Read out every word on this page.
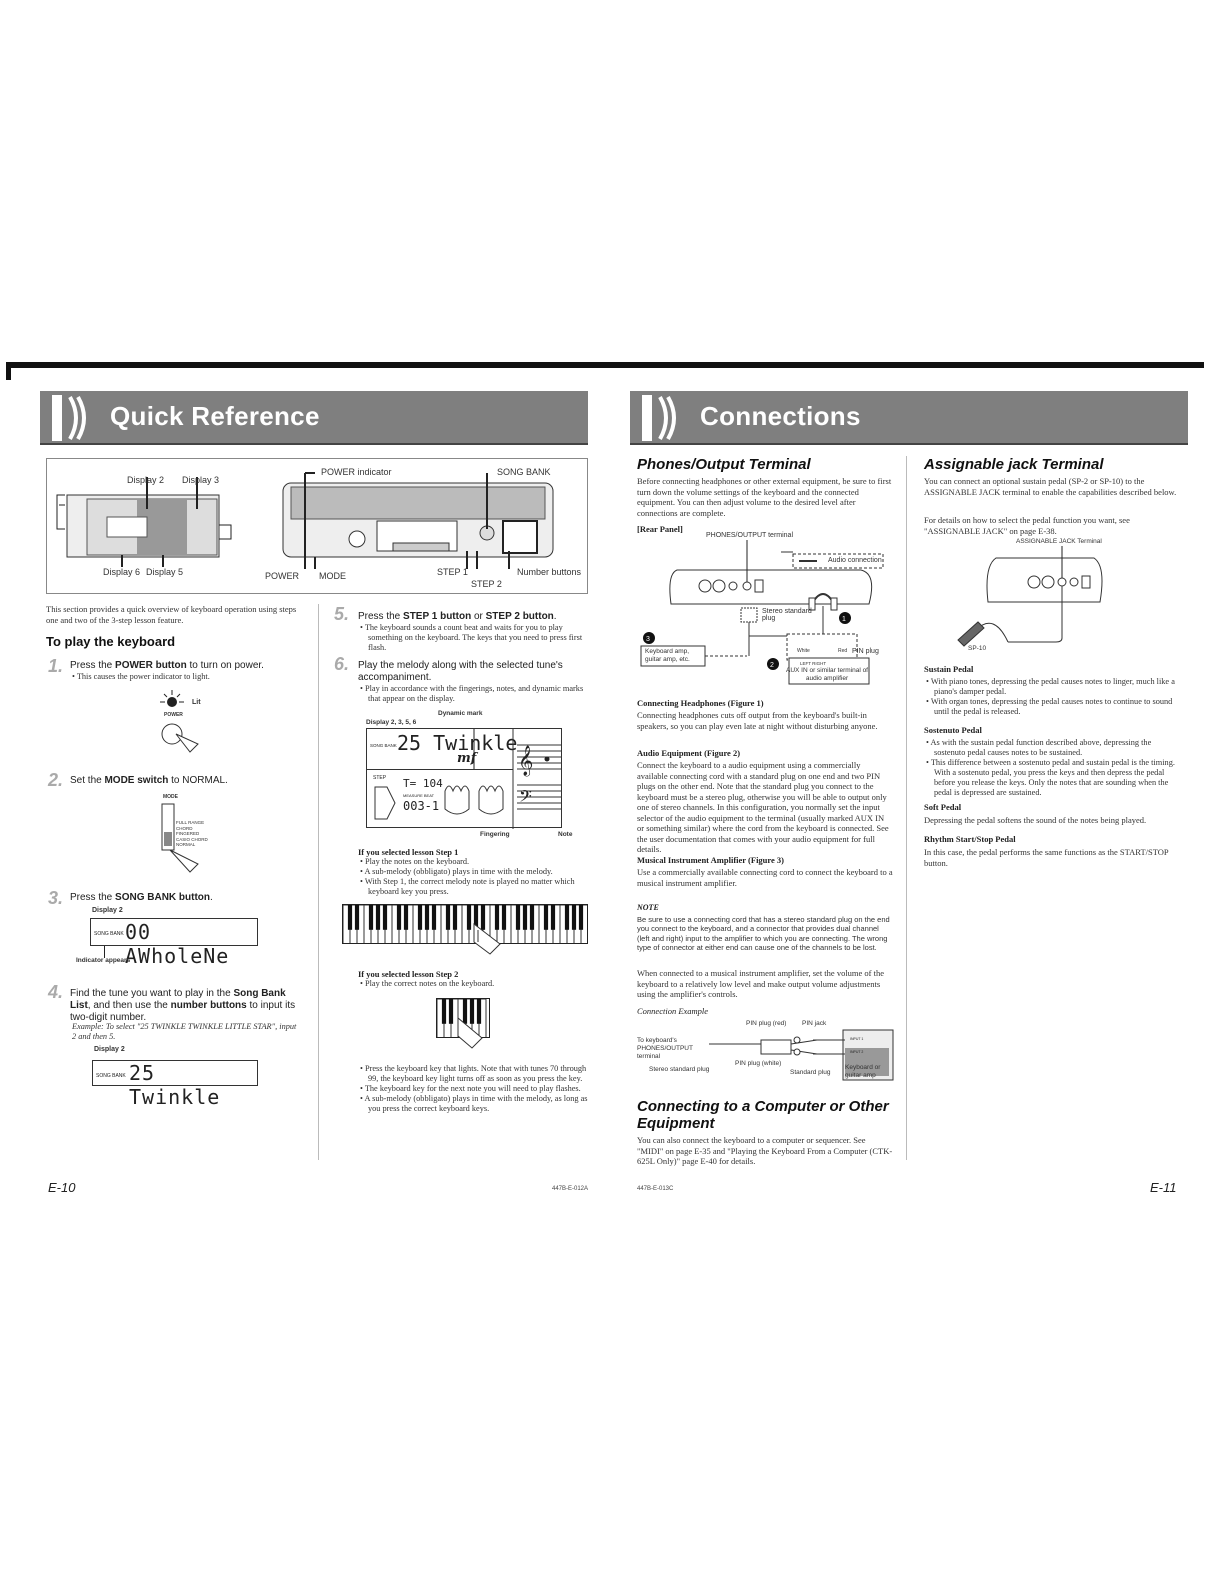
Quick Reference
Display 2 Display 3
Display 6 Display 5
POWER indicator	SONG BANK
POWER MODE	STEP 1
STEP 2
Number buttons
This section provides a quick overview of keyboard operation using steps one and two of the 3-step lesson feature.
To play the keyboard
1. Press the POWER button to turn on power.
• This causes the power indicator to light.
Lit
POWER
2. Set the MODE switch to NORMAL.
MODE
FULL RANGE
CHORD
FINGERED
CASIO CHORD
NORMAL
3. Press the SONG BANK button.
Display 2
SONG BANK 00 AWholeNe
Indicator appears
4. Find the tune you want to play in the Song Bank List, and then use the number buttons to input its two-digit number.
Example: To select "25 TWINKLE TWINKLE LITTLE STAR", input 2 and then 5.
Display 2
SONG BANK 25 Twinkle
5. Press the STEP 1 button or STEP 2 button.
• The keyboard sounds a count beat and waits for you to play something on the keyboard. The keys that you need to press first flash.
6. Play the melody along with the selected tune's accompaniment.
• Play in accordance with the fingerings, notes, and dynamic marks that appear on the display.
Dynamic mark
Display 2, 3, 5, 6
SONG BANK 25 Twinkle
mf
STEP T= 104
MEASURE BEAT
003-1
𝄞
𝄢
Fingering	Note
If you selected lesson Step 1
• Play the notes on the keyboard.
• A sub-melody (obbligato) plays in time with the melody.
• With Step 1, the correct melody note is played no matter which keyboard key you press.
If you selected lesson Step 2
• Play the correct notes on the keyboard.
• Press the keyboard key that lights. Note that with tunes 70 through 99, the keyboard key light turns off as soon as you press the key.
• The keyboard key for the next note you will need to play flashes.
• A sub-melody (obbligato) plays in time with the melody, as long as you press the correct keyboard keys.
E-10	447B-E-012A
Connections
Phones/Output Terminal
Before connecting headphones or other external equipment, be sure to first turn down the volume settings of the keyboard and the connected equipment. You can then adjust volume to the desired level after connections are complete.
[Rear Panel]
1
3
2
PHONES/OUTPUT terminal
Audio connection
Stereo standard plug
Keyboard amp, guitar amp, etc.
White	Red PIN plug
LEFT RIGHT
AUX IN or similar terminal of audio amplifier
Connecting Headphones (Figure 1)
Connecting headphones cuts off output from the keyboard's built-in speakers, so you can play even late at night without disturbing anyone.
Audio Equipment (Figure 2)
Connect the keyboard to a audio equipment using a commercially available connecting cord with a standard plug on one end and two PIN plugs on the other end. Note that the standard plug you connect to the keyboard must be a stereo plug, otherwise you will be able to output only one of stereo channels. In this configuration, you normally set the input selector of the audio equipment to the terminal (usually marked AUX IN or something similar) where the cord from the keyboard is connected. See the user documentation that comes with your audio equipment for full details.
Musical Instrument Amplifier (Figure 3)
Use a commercially available connecting cord to connect the keyboard to a musical instrument amplifier.
NOTE
Be sure to use a connecting cord that has a stereo standard plug on the end you connect to the keyboard, and a connector that provides dual channel (left and right) input to the amplifier to which you are connecting. The wrong type of connector at either end can cause one of the channels to be lost.
When connected to a musical instrument amplifier, set the volume of the keyboard to a relatively low level and make output volume adjustments using the amplifier's controls.
Connection Example
PIN plug (red) PIN jack
To keyboard's PHONES/OUTPUT terminal
Stereo standard plug
PIN plug (white)
Standard plug
Keyboard or guitar amp
INPUT 1
INPUT 2
Connecting to a Computer or Other Equipment
You can also connect the keyboard to a computer or sequencer. See "MIDI" on page E-35 and "Playing the Keyboard From a Computer (CTK-625L Only)" page E-40 for details.
Assignable jack Terminal
You can connect an optional sustain pedal (SP-2 or SP-10) to the ASSIGNABLE JACK terminal to enable the capabilities described below.
For details on how to select the pedal function you want, see "ASSIGNABLE JACK" on page E-38.
ASSIGNABLE JACK Terminal
SP-10
Sustain Pedal
• With piano tones, depressing the pedal causes notes to linger, much like a piano's damper pedal.
• With organ tones, depressing the pedal causes notes to continue to sound until the pedal is released.
Sostenuto Pedal
• As with the sustain pedal function described above, depressing the sostenuto pedal causes notes to be sustained.
• This difference between a sostenuto pedal and sustain pedal is the timing. With a sostenuto pedal, you press the keys and then depress the pedal before you release the keys. Only the notes that are sounding when the pedal is depressed are sustained.
Soft Pedal
Depressing the pedal softens the sound of the notes being played.
Rhythm Start/Stop Pedal
In this case, the pedal performs the same functions as the START/STOP button.
447B-E-013C	E-11
